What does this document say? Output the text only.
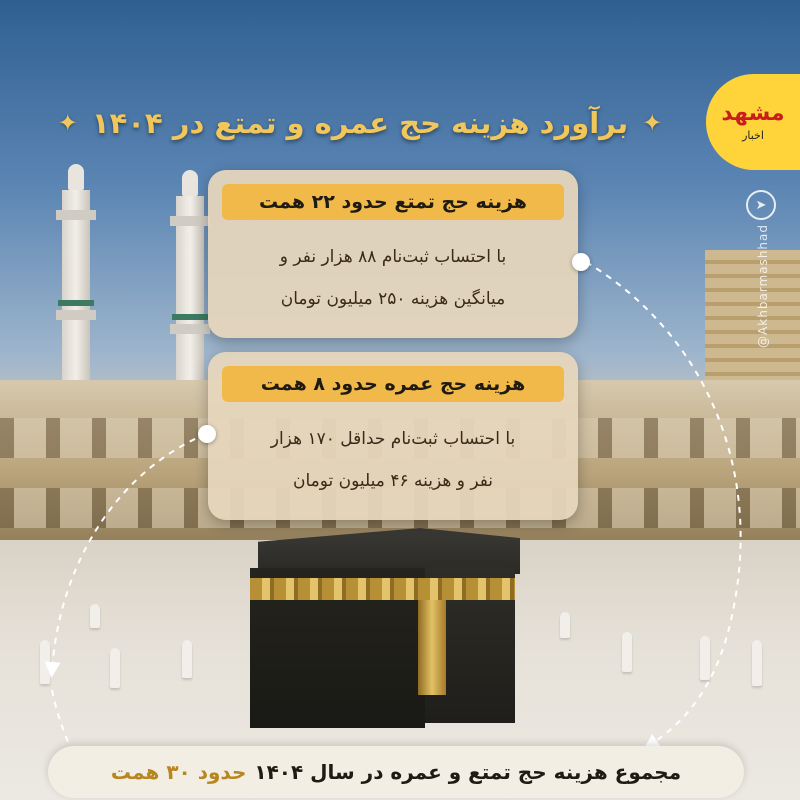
✦
برآورد هزینه حج عمره و تمتع در ۱۴۰۴
✦	مشهد
اخبار
➤
@Akhbarmashhad
هزینه حج تمتع حدود ۲۲ همت
با احتساب ثبت‌نام ۸۸ هزار نفر و
میانگین هزینه ۲۵۰ میلیون تومان
هزینه حج عمره حدود ۸ همت
با احتساب ثبت‌نام حداقل ۱۷۰ هزار
نفر و هزینه ۴۶ میلیون تومان
مجموع هزینه حج تمتع و عمره در سال ۱۴۰۴
حدود ۳۰ همت
